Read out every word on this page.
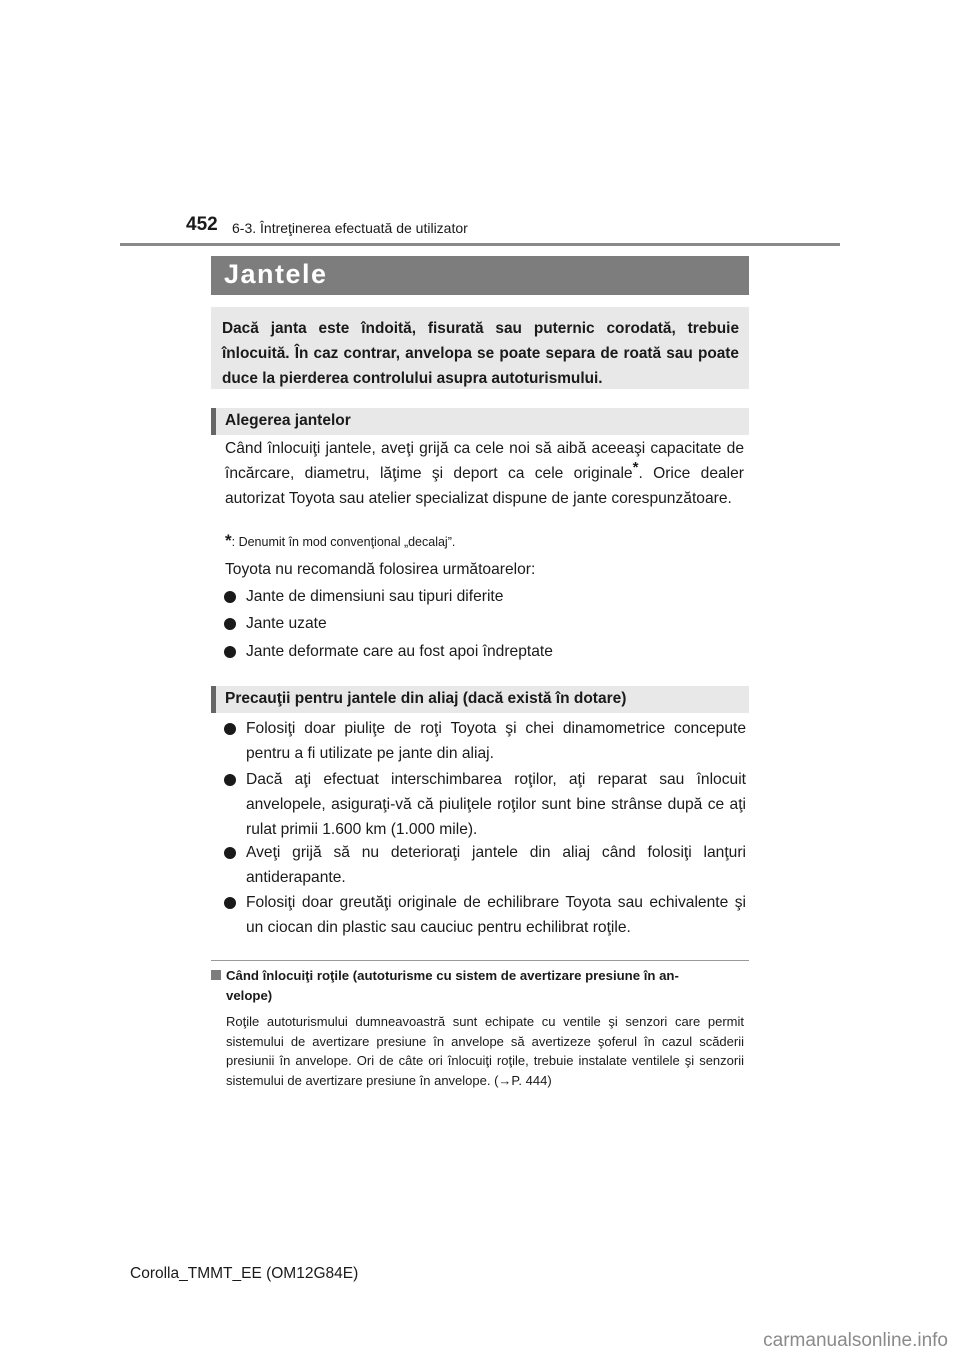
452 6-3. Întreţinerea efectuată de utilizator
Jantele

Dacă janta este îndoită, fisurată sau puternic corodată, trebuie înlocuită. În caz contrar, anvelopa se poate separa de roată sau poate duce la pierderea controlului asupra autoturismului.

Alegerea jantelor

Când înlocuiţi jantele, aveţi grijă ca cele noi să aibă aceeaşi capacitate de încărcare, diametru, lăţime şi deport ca cele originale*. Orice dealer autorizat Toyota sau atelier specializat dispune de jante corespunzătoare.

*: Denumit în mod convenţional „decalaj”.

Toyota nu recomandă folosirea următoarelor:

Jante de dimensiuni sau tipuri diferite
Jante uzate
Jante deformate care au fost apoi îndreptate
Precauţii pentru jantele din aliaj (dacă există în dotare)
Folosiţi doar piuliţe de roţi Toyota şi chei dinamometrice concepute pentru a fi utilizate pe jante din aliaj.
Dacă aţi efectuat interschimbarea roţilor, aţi reparat sau înlocuit anvelopele, asiguraţi-vă că piuliţele roţilor sunt bine strânse după ce aţi rulat primii 1.600 km (1.000 mile).
Aveţi grijă să nu deterioraţi jantele din aliaj când folosiţi lanţuri antiderapante.
Folosiţi doar greutăţi originale de echilibrare Toyota sau echivalente şi un ciocan din plastic sau cauciuc pentru echilibrat roţile.
Când înlocuiţi roţile (autoturisme cu sistem de avertizare presiune în an-
velope)

Roţile autoturismului dumneavoastră sunt echipate cu ventile şi senzori care permit sistemului de avertizare presiune în anvelope să avertizeze şoferul în cazul scăderii presiunii în anvelope. Ori de câte ori înlocuiţi roţile, trebuie instalate ventilele şi senzorii sistemului de avertizare presiune în anvelope. (→P. 444)

Corolla_TMMT_EE (OM12G84E)
carmanualsonline.info
